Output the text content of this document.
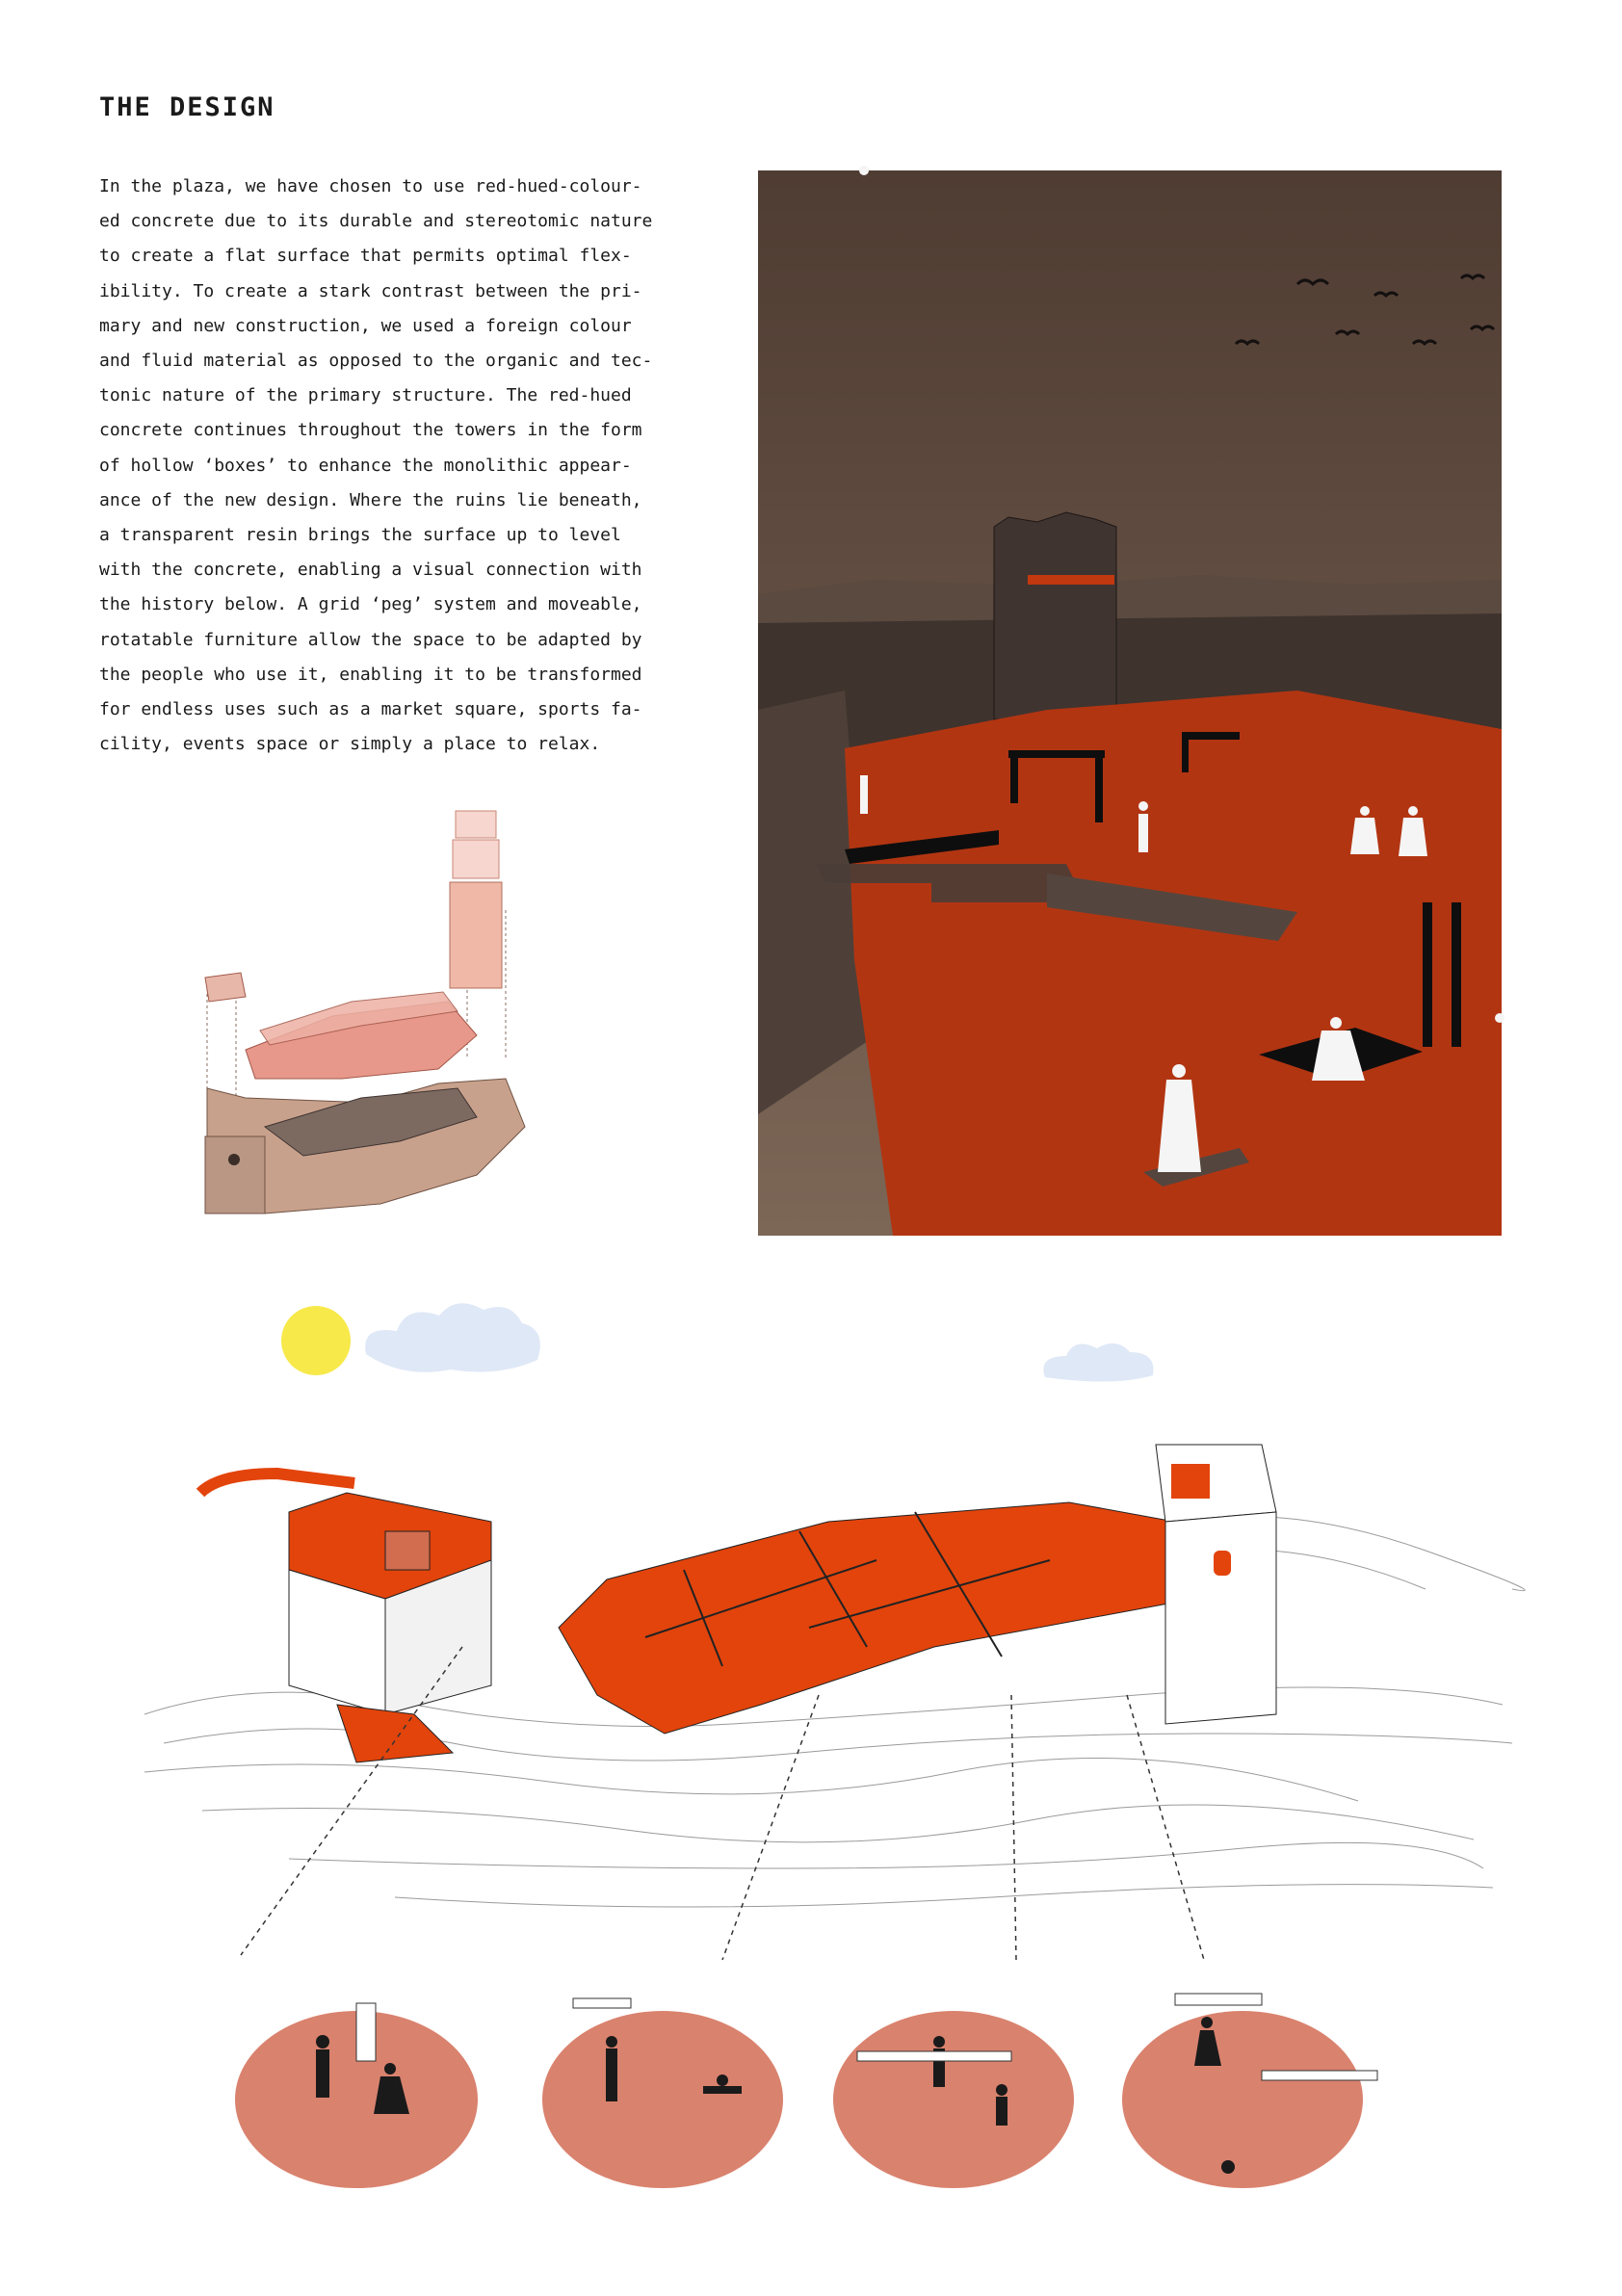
THE DESIGN
In the plaza, we have chosen to use red-hued-colour-
ed concrete due to its durable and stereotomic nature
to create a flat surface that permits optimal flex-
ibility. To create a stark contrast between the pri-
mary and new construction, we used a foreign colour
and fluid material as opposed to the organic and tec-
tonic nature of the primary structure. The red-hued
concrete continues throughout the towers in the form
of hollow ‘boxes’ to enhance the monolithic appear-
ance of the new design. Where the ruins lie beneath,
a transparent resin brings the surface up to level
with the concrete, enabling a visual connection with
the history below. A grid ‘peg’ system and moveable,
rotatable furniture allow the space to be adapted by
the people who use it, enabling it to be transformed
for endless uses such as a market square, sports fa-
cility, events space or simply a place to relax.
